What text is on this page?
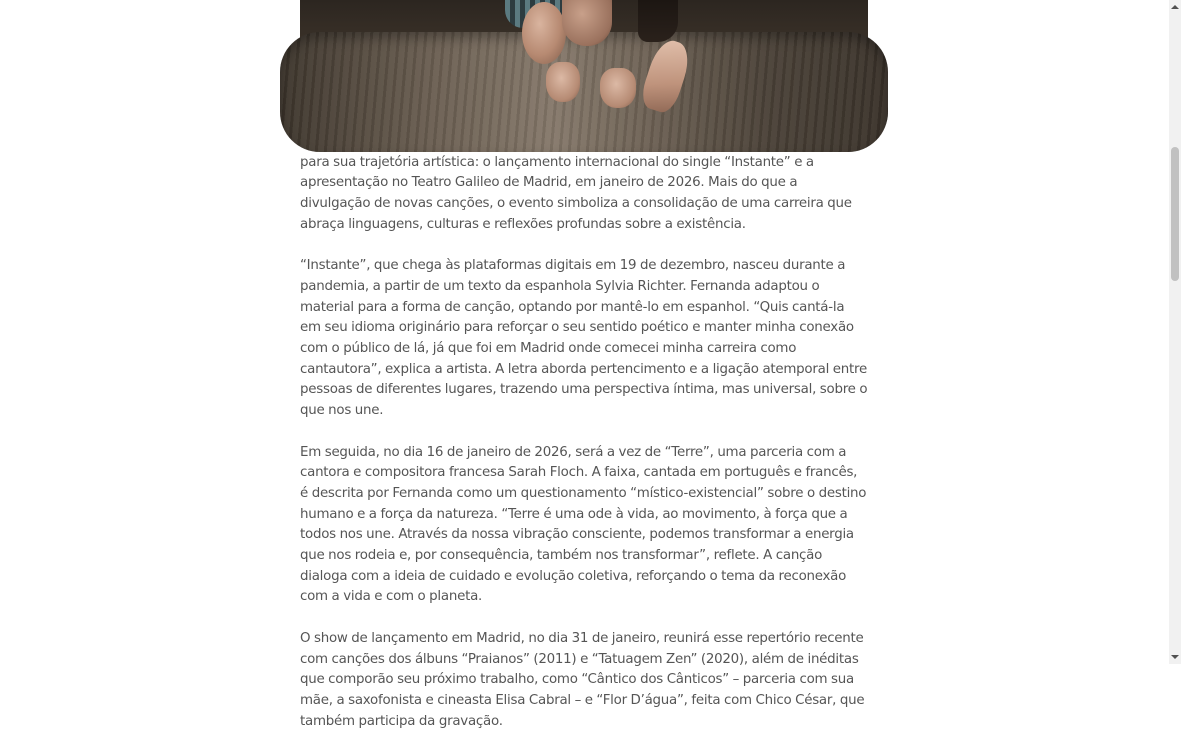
para sua trajetória artística: o lançamento internacional do single “Instante” e a apresentação no Teatro Galileo de Madrid, em janeiro de 2026. Mais do que a divulgação de novas canções, o evento simboliza a consolidação de uma carreira que abraça linguagens, culturas e reflexões profundas sobre a existência.

“Instante”, que chega às plataformas digitais em 19 de dezembro, nasceu durante a pandemia, a partir de um texto da espanhola Sylvia Richter. Fernanda adaptou o material para a forma de canção, optando por mantê-lo em espanhol. “Quis cantá-la em seu idioma originário para reforçar o seu sentido poético e manter minha conexão com o público de lá, já que foi em Madrid onde comecei minha carreira como cantautora”, explica a artista. A letra aborda pertencimento e a ligação atemporal entre pessoas de diferentes lugares, trazendo uma perspectiva íntima, mas universal, sobre o que nos une.

Em seguida, no dia 16 de janeiro de 2026, será a vez de “Terre”, uma parceria com a cantora e compositora francesa Sarah Floch. A faixa, cantada em português e francês, é descrita por Fernanda como um questionamento “místico-existencial” sobre o destino humano e a força da natureza. “Terre é uma ode à vida, ao movimento, à força que a todos nos une. Através da nossa vibração consciente, podemos transformar a energia que nos rodeia e, por consequência, também nos transformar”, reflete. A canção dialoga com a ideia de cuidado e evolução coletiva, reforçando o tema da reconexão com a vida e com o planeta.

O show de lançamento em Madrid, no dia 31 de janeiro, reunirá esse repertório recente com canções dos álbuns “Praianos” (2011) e “Tatuagem Zen” (2020), além de inéditas que comporão seu próximo trabalho, como “Cântico dos Cânticos” – parceria com sua mãe, a saxofonista e cineasta Elisa Cabral – e “Flor D’água”, feita com Chico César, que também participa da gravação.
